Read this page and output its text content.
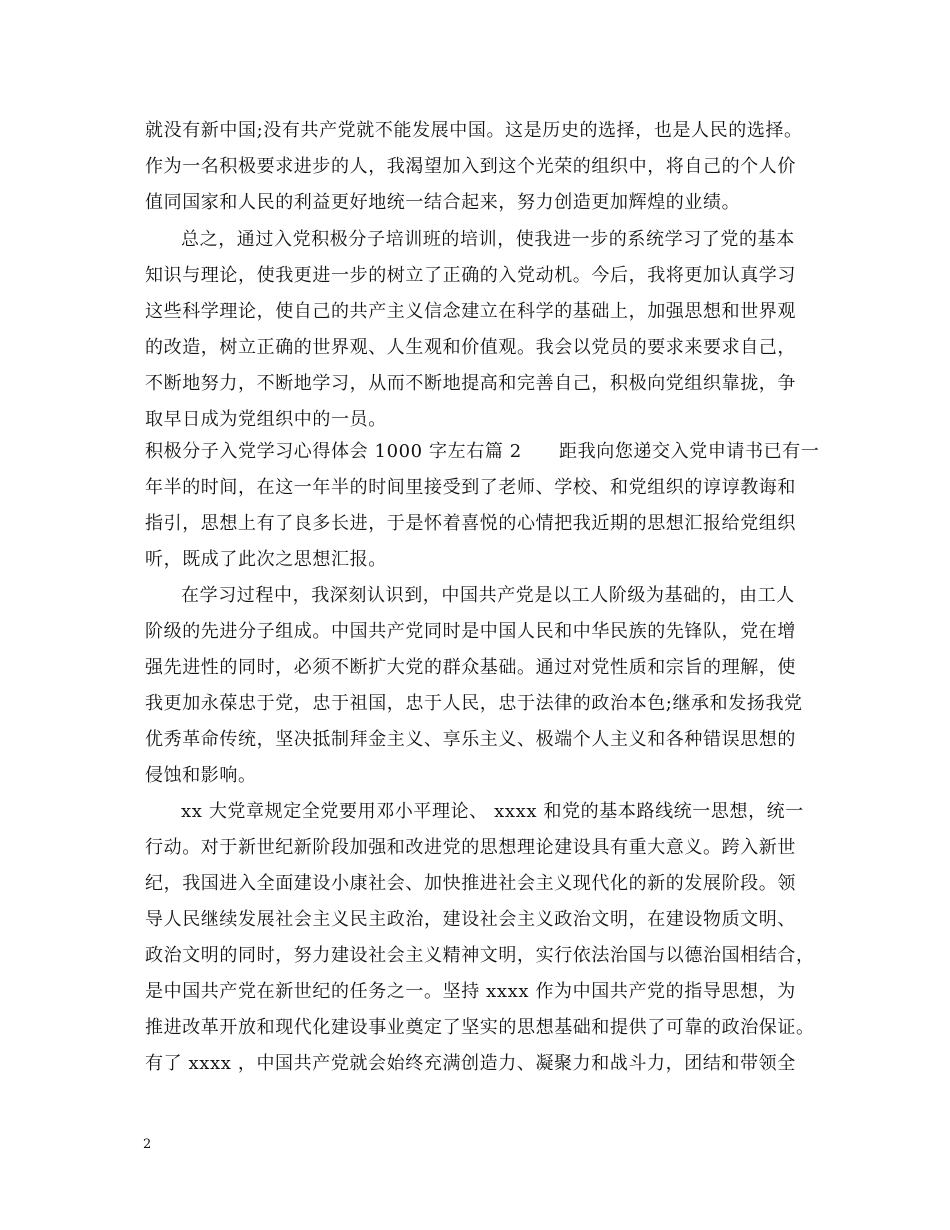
就没有新中国;没有共产党就不能发展中国。这是历史的选择，也是人民的选择。
作为一名积极要求进步的人，我渴望加入到这个光荣的组织中，将自己的个人价
值同国家和人民的利益更好地统一结合起来，努力创造更加辉煌的业绩。
总之，通过入党积极分子培训班的培训，使我进一步的系统学习了党的基本
知识与理论，使我更进一步的树立了正确的入党动机。今后，我将更加认真学习
这些科学理论，使自己的共产主义信念建立在科学的基础上，加强思想和世界观
的改造，树立正确的世界观、人生观和价值观。我会以党员的要求来要求自己，
不断地努力，不断地学习，从而不断地提高和完善自己，积极向党组织靠拢，争
取早日成为党组织中的一员。
积极分子入党学习心得体会 1000 字左右篇 2　　距我向您递交入党申请书已有一
年半的时间，在这一年半的时间里接受到了老师、学校、和党组织的谆谆教诲和
指引，思想上有了良多长进，于是怀着喜悦的心情把我近期的思想汇报给党组织
听，既成了此次之思想汇报。
在学习过程中，我深刻认识到，中国共产党是以工人阶级为基础的，由工人
阶级的先进分子组成。中国共产党同时是中国人民和中华民族的先锋队，党在增
强先进性的同时，必须不断扩大党的群众基础。通过对党性质和宗旨的理解，使
我更加永葆忠于党，忠于祖国，忠于人民，忠于法律的政治本色;继承和发扬我党
优秀革命传统，坚决抵制拜金主义、享乐主义、极端个人主义和各种错误思想的
侵蚀和影响。
xx 大党章规定全党要用邓小平理论、 xxxx 和党的基本路线统一思想，统一
行动。对于新世纪新阶段加强和改进党的思想理论建设具有重大意义。跨入新世
纪，我国进入全面建设小康社会、加快推进社会主义现代化的新的发展阶段。领
导人民继续发展社会主义民主政治，建设社会主义政治文明，在建设物质文明、
政治文明的同时，努力建设社会主义精神文明，实行依法治国与以德治国相结合，
是中国共产党在新世纪的任务之一。坚持 xxxx 作为中国共产党的指导思想，为
推进改革开放和现代化建设事业奠定了坚实的思想基础和提供了可靠的政治保证。
有了 xxxx ，中国共产党就会始终充满创造力、凝聚力和战斗力，团结和带领全
2
